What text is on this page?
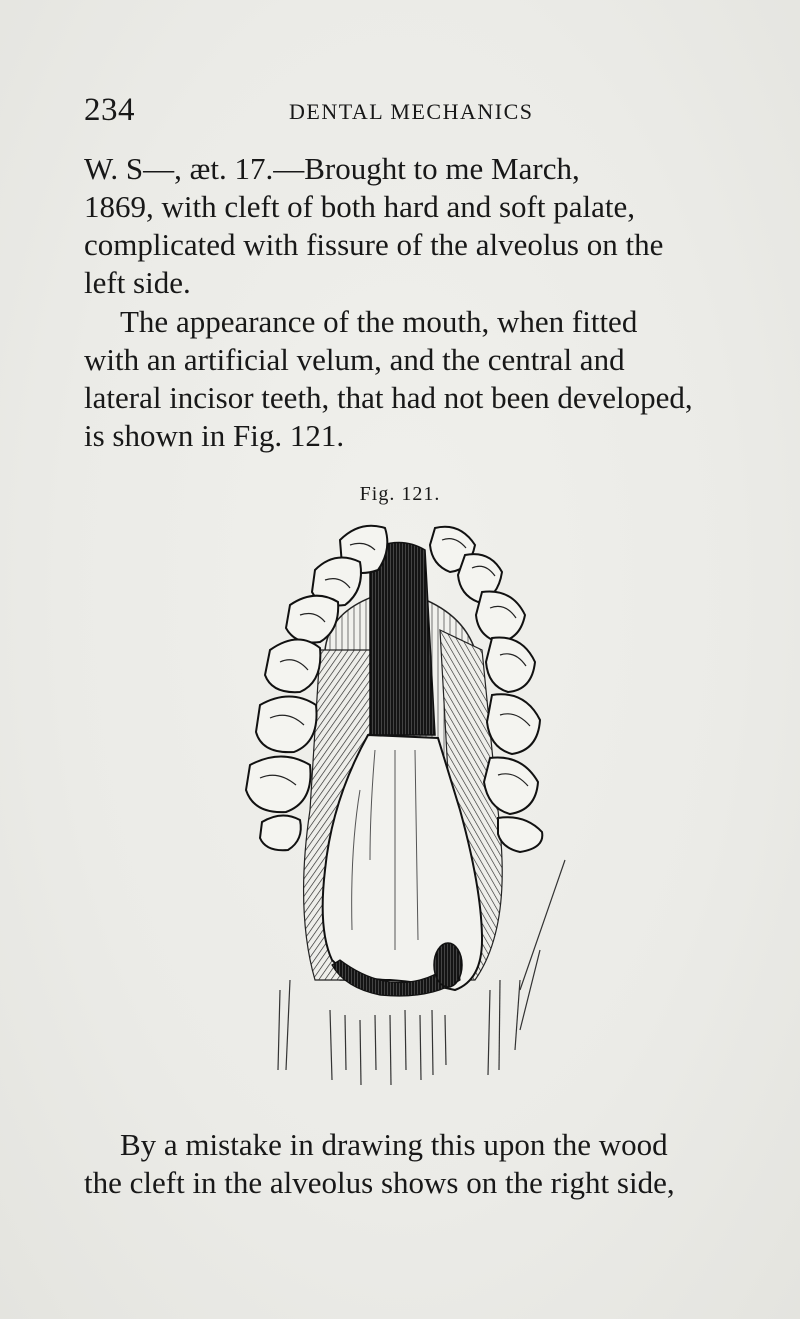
234	DENTAL MECHANICS

W. S—, æt. 17.—Brought to me March,
1869, with cleft of both hard and soft palate,
complicated with fissure of the alveolus on the
left side.

The appearance of the mouth, when fitted
with an artificial velum, and the central and
lateral incisor teeth, that had not been developed,
is shown in Fig. 121.

Fig. 121.

By a mistake in drawing this upon the wood
the cleft in the alveolus shows on the right side,
